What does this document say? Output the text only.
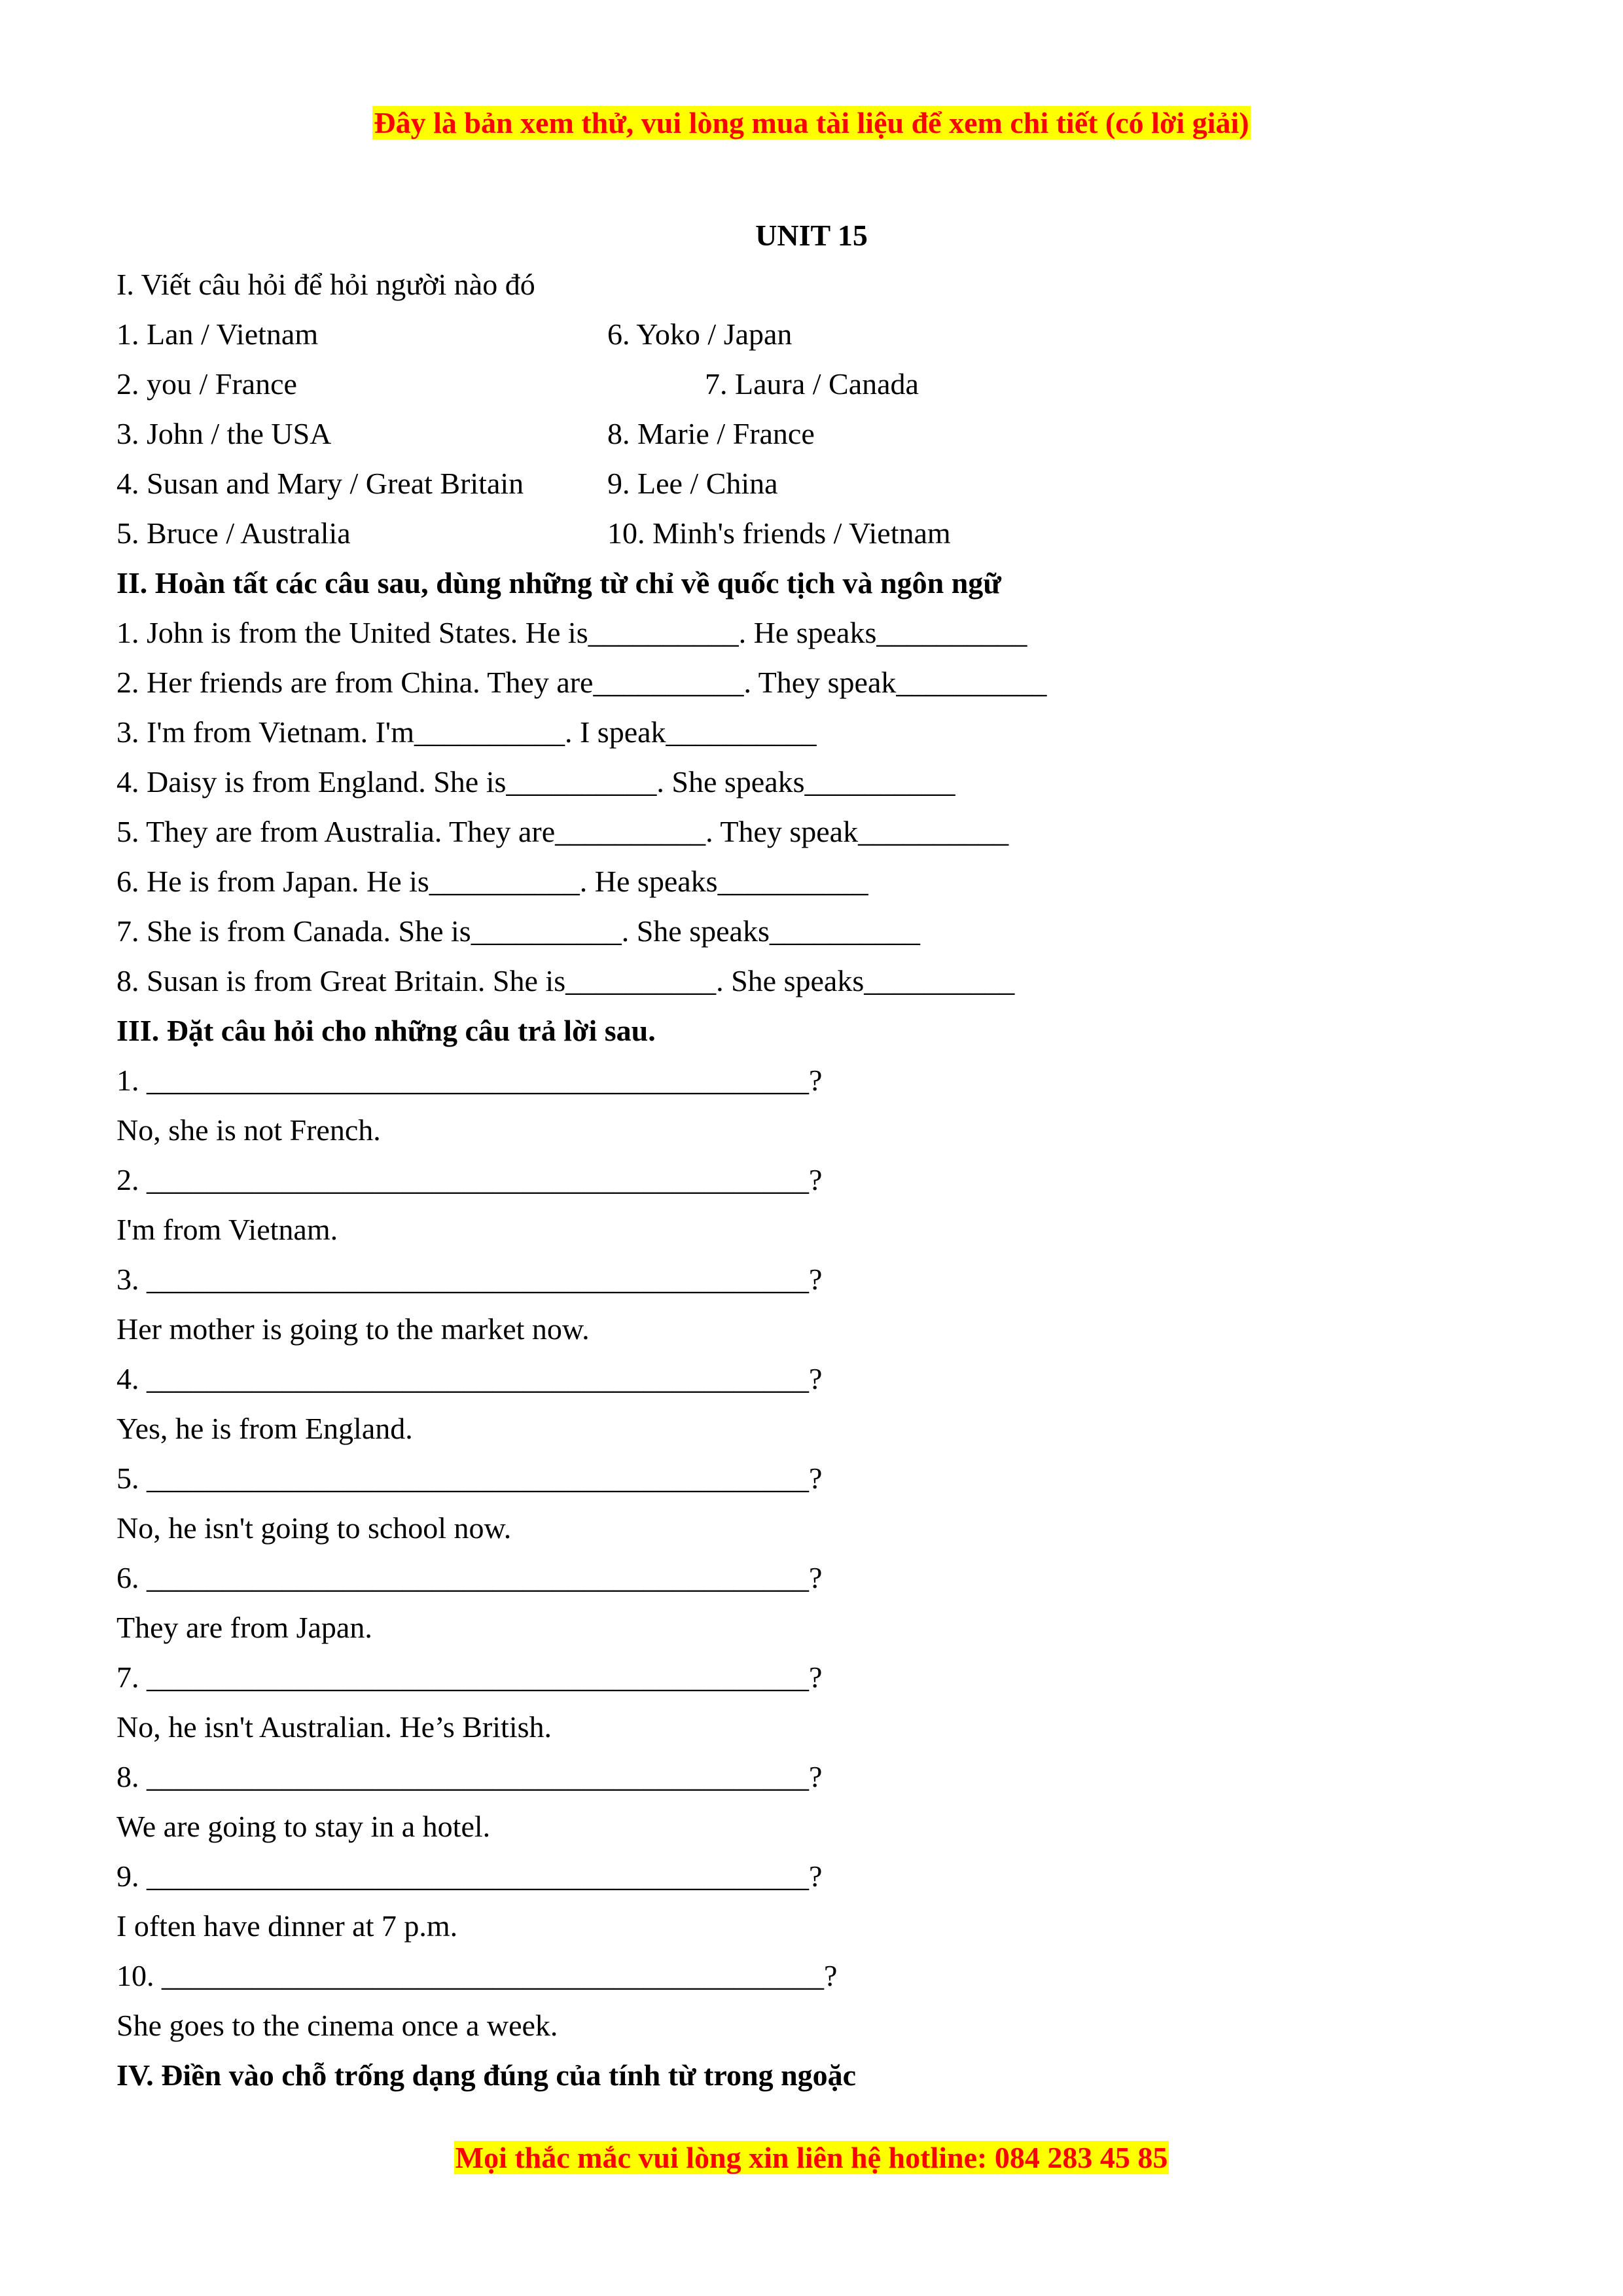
Đây là bản xem thử, vui lòng mua tài liệu để xem chi tiết (có lời giải)
UNIT 15
I. Viết câu hỏi để hỏi người nào đó
1. Lan / Vietnam	6. Yoko / Japan
2. you / France	7. Laura / Canada
3. John / the USA	8. Marie / France
4. Susan and Mary / Great Britain	9. Lee / China
5. Bruce / Australia	10. Minh's friends / Vietnam
II. Hoàn tất các câu sau, dùng những từ chỉ về quốc tịch và ngôn ngữ
1. John is from the United States. He is__________. He speaks__________
2. Her friends are from China. They are__________. They speak__________
3. I'm from Vietnam. I'm__________. I speak__________
4. Daisy is from England. She is__________. She speaks__________
5. They are from Australia. They are__________. They speak__________
6. He is from Japan. He is__________. He speaks__________
7. She is from Canada. She is__________. She speaks__________
8. Susan is from Great Britain. She is__________. She speaks__________
III. Đặt câu hỏi cho những câu trả lời sau.
1. ____________________________________________?
No, she is not French.
2. ____________________________________________?
I'm from Vietnam.
3. ____________________________________________?
Her mother is going to the market now.
4. ____________________________________________?
Yes, he is from England.
5. ____________________________________________?
No, he isn't going to school now.
6. ____________________________________________?
They are from Japan.
7. ____________________________________________?
No, he isn't Australian. He’s British.
8. ____________________________________________?
We are going to stay in a hotel.
9. ____________________________________________?
I often have dinner at 7 p.m.
10. ____________________________________________?
She goes to the cinema once a week.
IV. Điền vào chỗ trống dạng đúng của tính từ trong ngoặc
Mọi thắc mắc vui lòng xin liên hệ hotline: 084 283 45 85
